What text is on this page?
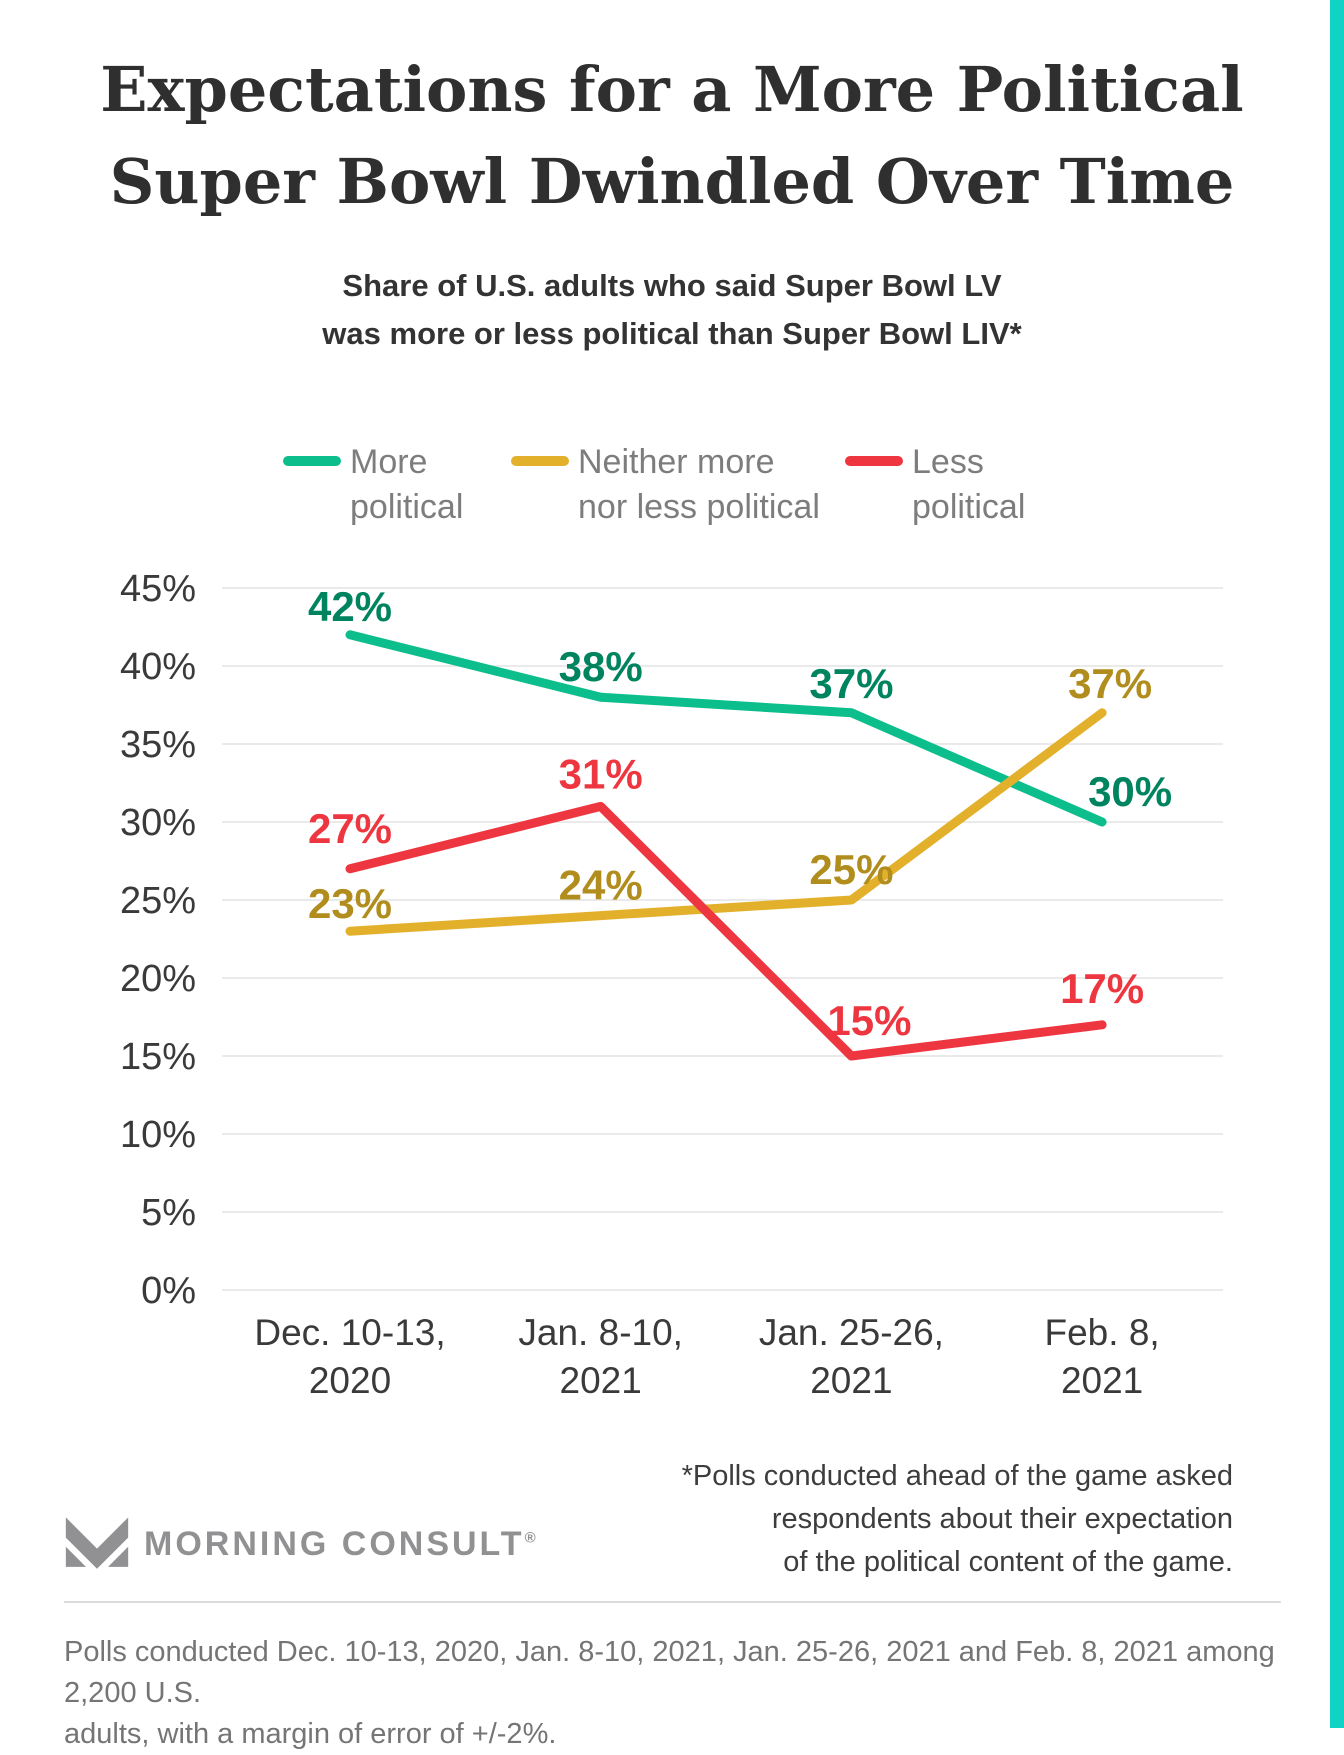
Expectations for a More Political
Super Bowl Dwindled Over Time
Share of U.S. adults who said Super Bowl LV
was more or less political than Super Bowl LIV*
More
political
Neither more
nor less political
Less
political
0%
5%
10%
15%
20%
25%
30%
35%
40%
45%
Dec. 10-13,
2020
Jan. 8-10,
2021
Jan. 25-26,
2021
Feb. 8,
2021
42%
38%	37%
30%
23%	24%	25%
37%
27%
31%
15%
17%
*Polls conducted ahead of the game asked
respondents about their expectation
of the political content of the game.
MORNING CONSULT®
Polls conducted Dec. 10-13, 2020, Jan. 8-10, 2021, Jan. 25-26, 2021 and Feb. 8, 2021 among 2,200 U.S.
adults, with a margin of error of +/-2%.
